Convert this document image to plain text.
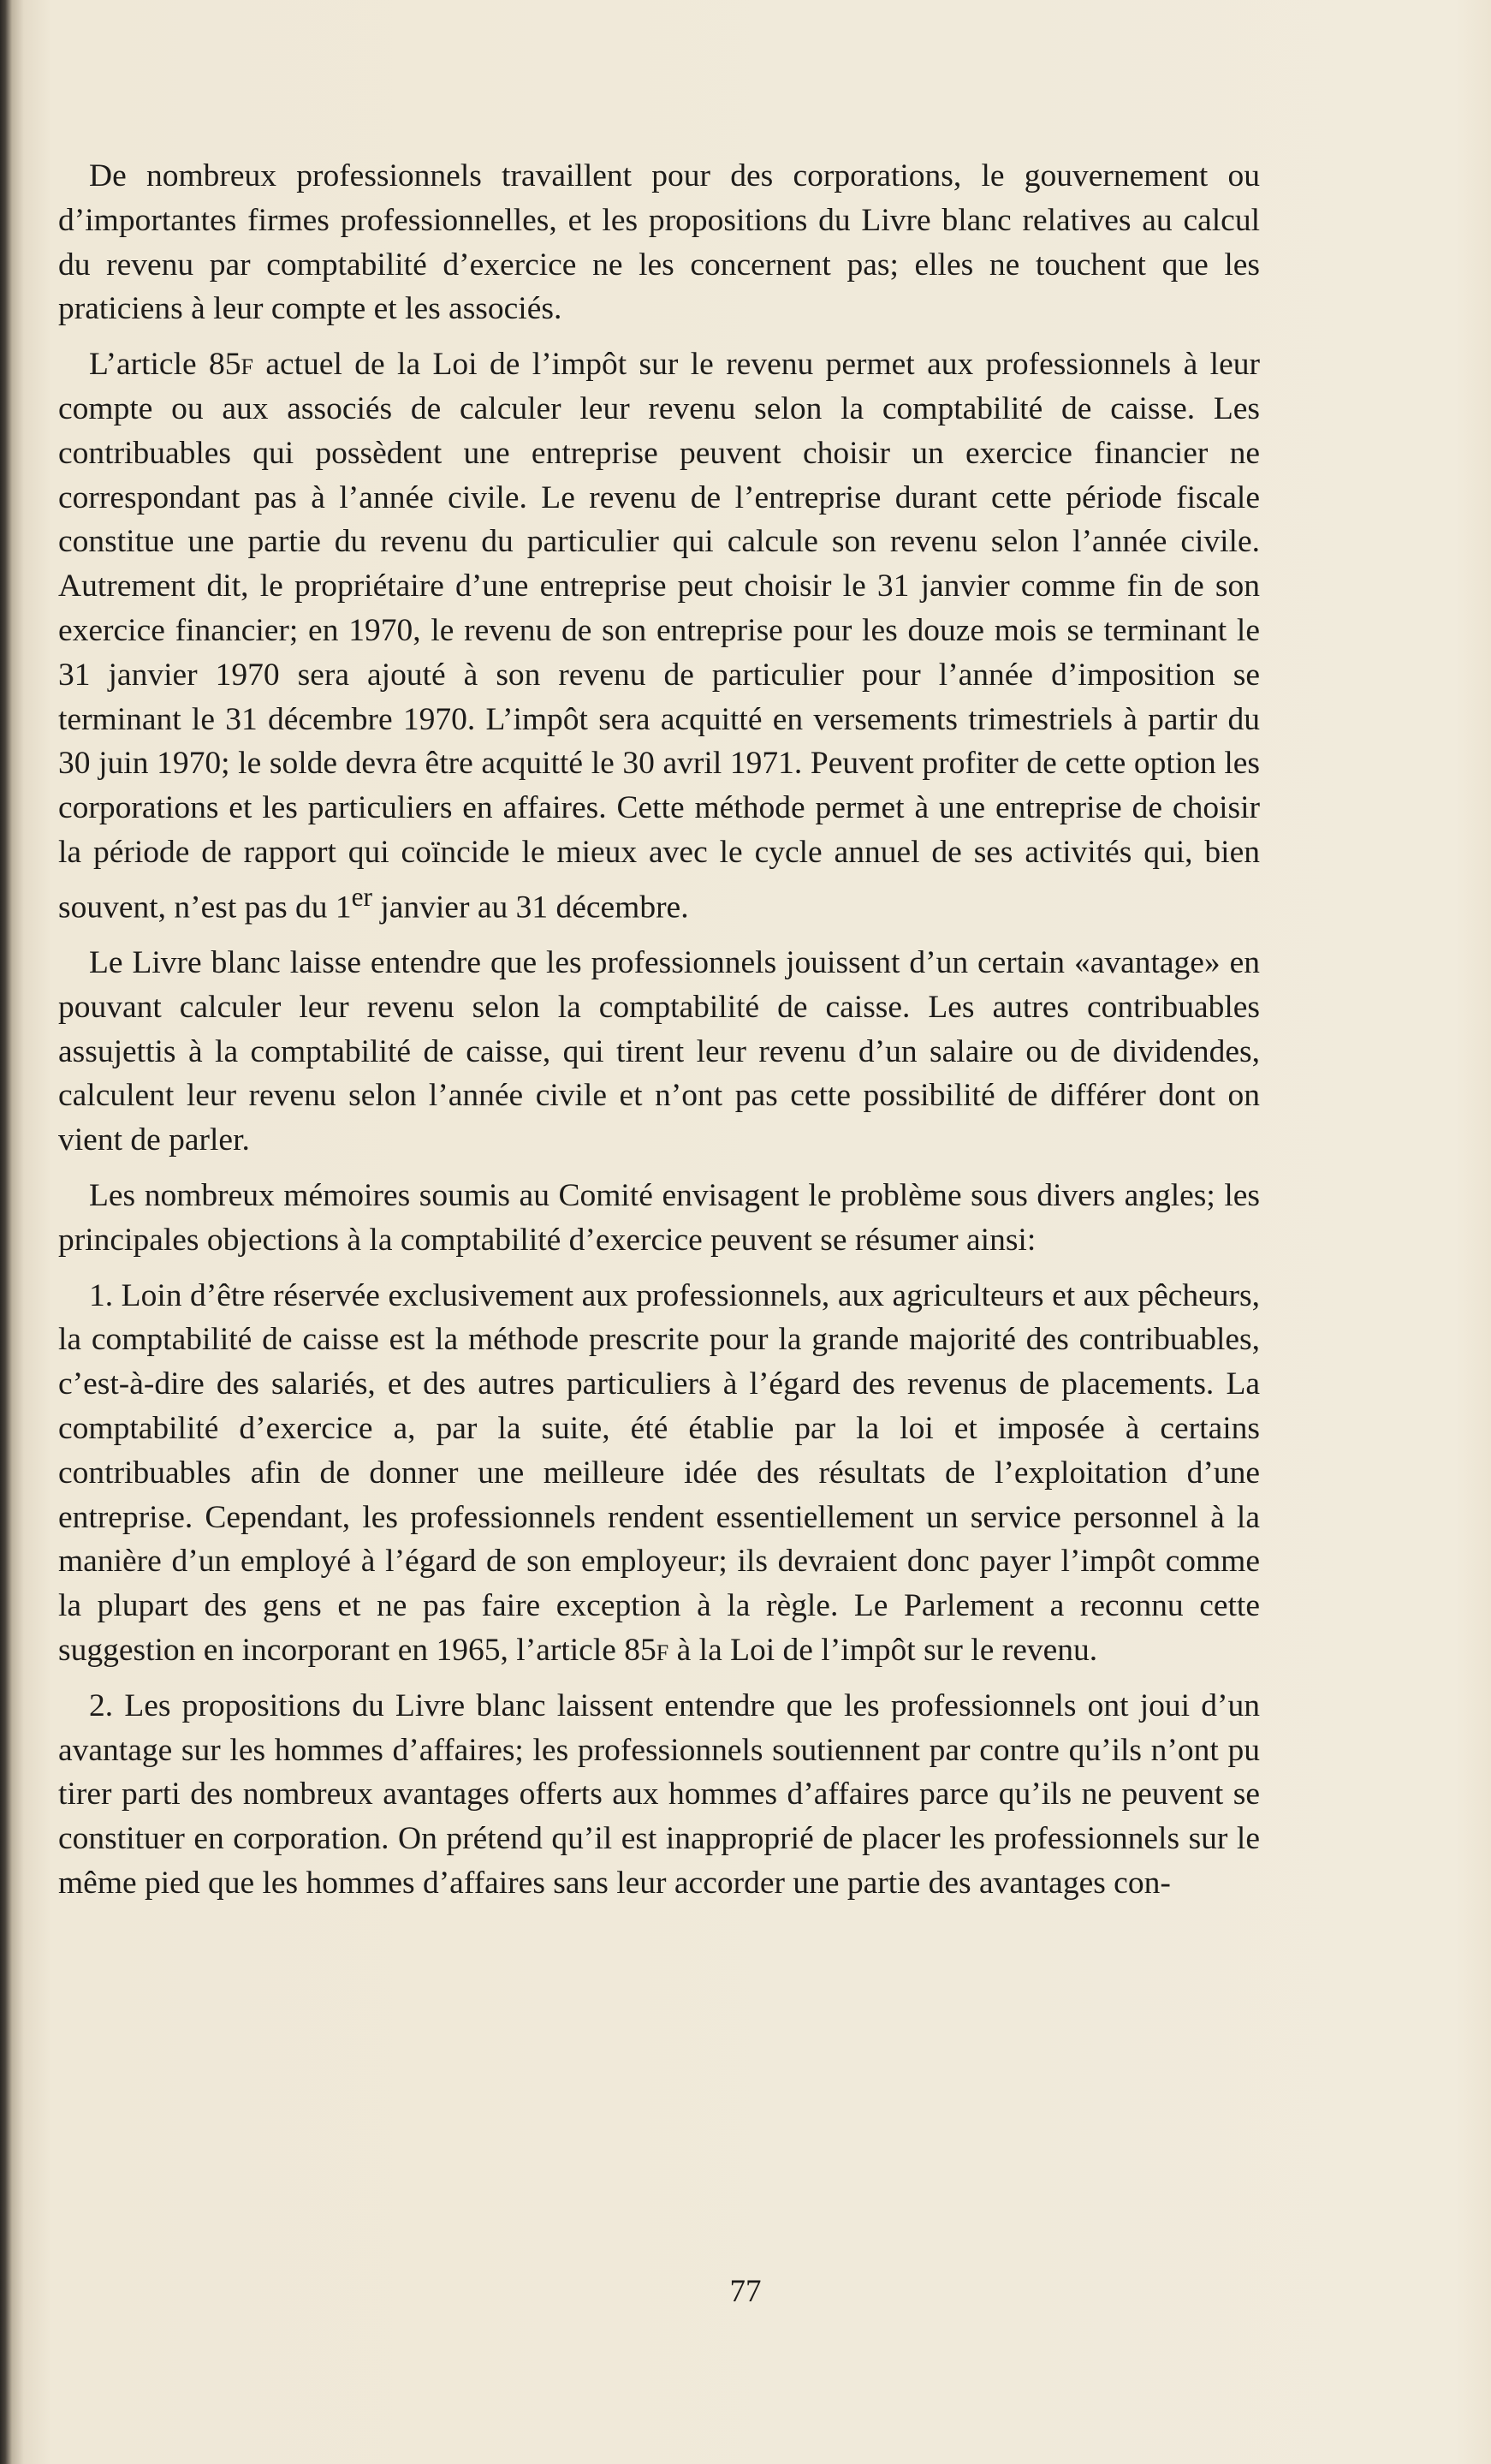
De nombreux professionnels travaillent pour des corporations, le gouvernement ou d’importantes firmes professionnelles, et les propositions du Livre blanc relatives au calcul du revenu par comptabilité d’exercice ne les concernent pas; elles ne touchent que les praticiens à leur compte et les associés.

L’article 85f actuel de la Loi de l’impôt sur le revenu permet aux professionnels à leur compte ou aux associés de calculer leur revenu selon la comptabilité de caisse. Les contribuables qui possèdent une entreprise peuvent choisir un exercice financier ne correspondant pas à l’année civile. Le revenu de l’entreprise durant cette période fiscale constitue une partie du revenu du particulier qui calcule son revenu selon l’année civile. Autrement dit, le propriétaire d’une entreprise peut choisir le 31 janvier comme fin de son exercice financier; en 1970, le revenu de son entreprise pour les douze mois se terminant le 31 janvier 1970 sera ajouté à son revenu de particulier pour l’année d’imposition se terminant le 31 décembre 1970. L’impôt sera acquitté en versements trimestriels à partir du 30 juin 1970; le solde devra être acquitté le 30 avril 1971. Peuvent profiter de cette option les corporations et les particuliers en affaires. Cette méthode permet à une entreprise de choisir la période de rapport qui coïncide le mieux avec le cycle annuel de ses activités qui, bien souvent, n’est pas du 1er janvier au 31 décembre.

Le Livre blanc laisse entendre que les professionnels jouissent d’un certain «avantage» en pouvant calculer leur revenu selon la comptabilité de caisse. Les autres contribuables assujettis à la comptabilité de caisse, qui tirent leur revenu d’un salaire ou de dividendes, calculent leur revenu selon l’année civile et n’ont pas cette possibilité de différer dont on vient de parler.

Les nombreux mémoires soumis au Comité envisagent le problème sous divers angles; les principales objections à la comptabilité d’exercice peuvent se résumer ainsi:

1. Loin d’être réservée exclusivement aux professionnels, aux agriculteurs et aux pêcheurs, la comptabilité de caisse est la méthode prescrite pour la grande majorité des contribuables, c’est-à-dire des salariés, et des autres particuliers à l’égard des revenus de placements. La comptabilité d’exercice a, par la suite, été établie par la loi et imposée à certains contribuables afin de donner une meilleure idée des résultats de l’exploitation d’une entreprise. Cependant, les professionnels rendent essentiellement un service personnel à la manière d’un employé à l’égard de son employeur; ils devraient donc payer l’impôt comme la plupart des gens et ne pas faire exception à la règle. Le Parlement a reconnu cette suggestion en incorporant en 1965, l’article 85f à la Loi de l’impôt sur le revenu.

2. Les propositions du Livre blanc laissent entendre que les professionnels ont joui d’un avantage sur les hommes d’affaires; les professionnels soutiennent par contre qu’ils n’ont pu tirer parti des nombreux avantages offerts aux hommes d’affaires parce qu’ils ne peuvent se constituer en corporation. On prétend qu’il est inapproprié de placer les professionnels sur le même pied que les hommes d’affaires sans leur accorder une partie des avantages con-

77
